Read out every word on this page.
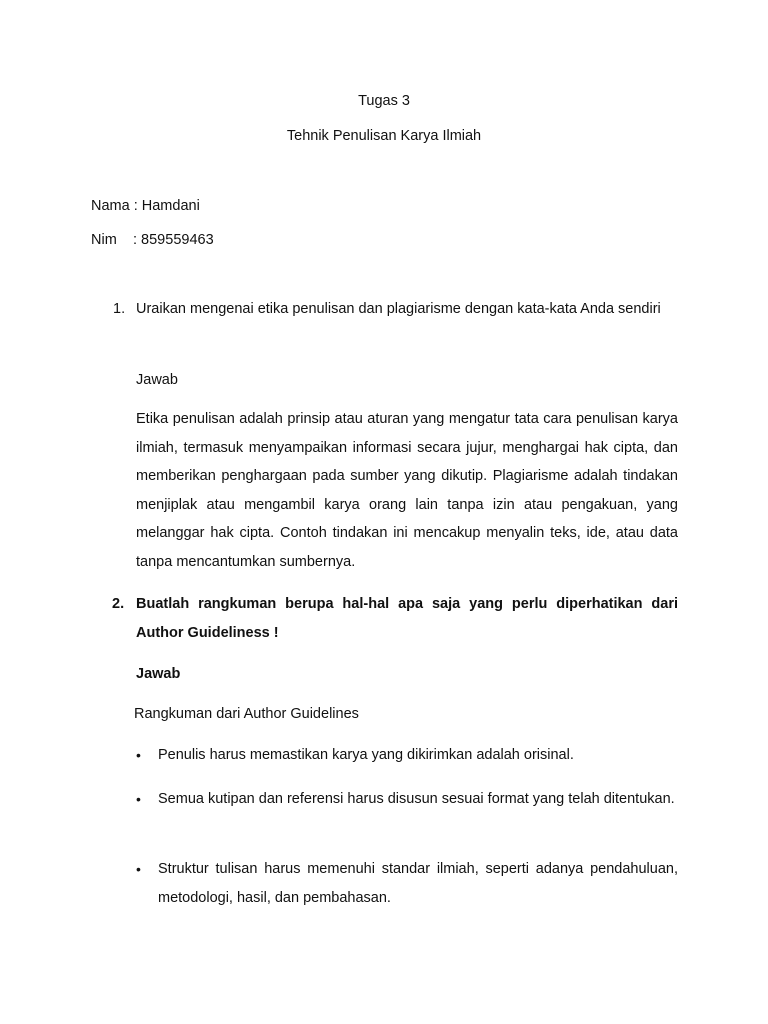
Tugas 3
Tehnik Penulisan Karya Ilmiah
Nama : Hamdani
Nim : 859559463
1. Uraikan mengenai etika penulisan dan plagiarisme dengan kata-kata Anda sendiri
Jawab
Etika penulisan adalah prinsip atau aturan yang mengatur tata cara penulisan karya ilmiah, termasuk menyampaikan informasi secara jujur, menghargai hak cipta, dan memberikan penghargaan pada sumber yang dikutip. Plagiarisme adalah tindakan menjiplak atau mengambil karya orang lain tanpa izin atau pengakuan, yang melanggar hak cipta. Contoh tindakan ini mencakup menyalin teks, ide, atau data tanpa mencantumkan sumbernya.
2. Buatlah rangkuman berupa hal-hal apa saja yang perlu diperhatikan dari Author Guideliness !
Jawab
Rangkuman dari Author Guidelines
• Penulis harus memastikan karya yang dikirimkan adalah orisinal.
• Semua kutipan dan referensi harus disusun sesuai format yang telah ditentukan.
• Struktur tulisan harus memenuhi standar ilmiah, seperti adanya pendahuluan, metodologi, hasil, dan pembahasan.
